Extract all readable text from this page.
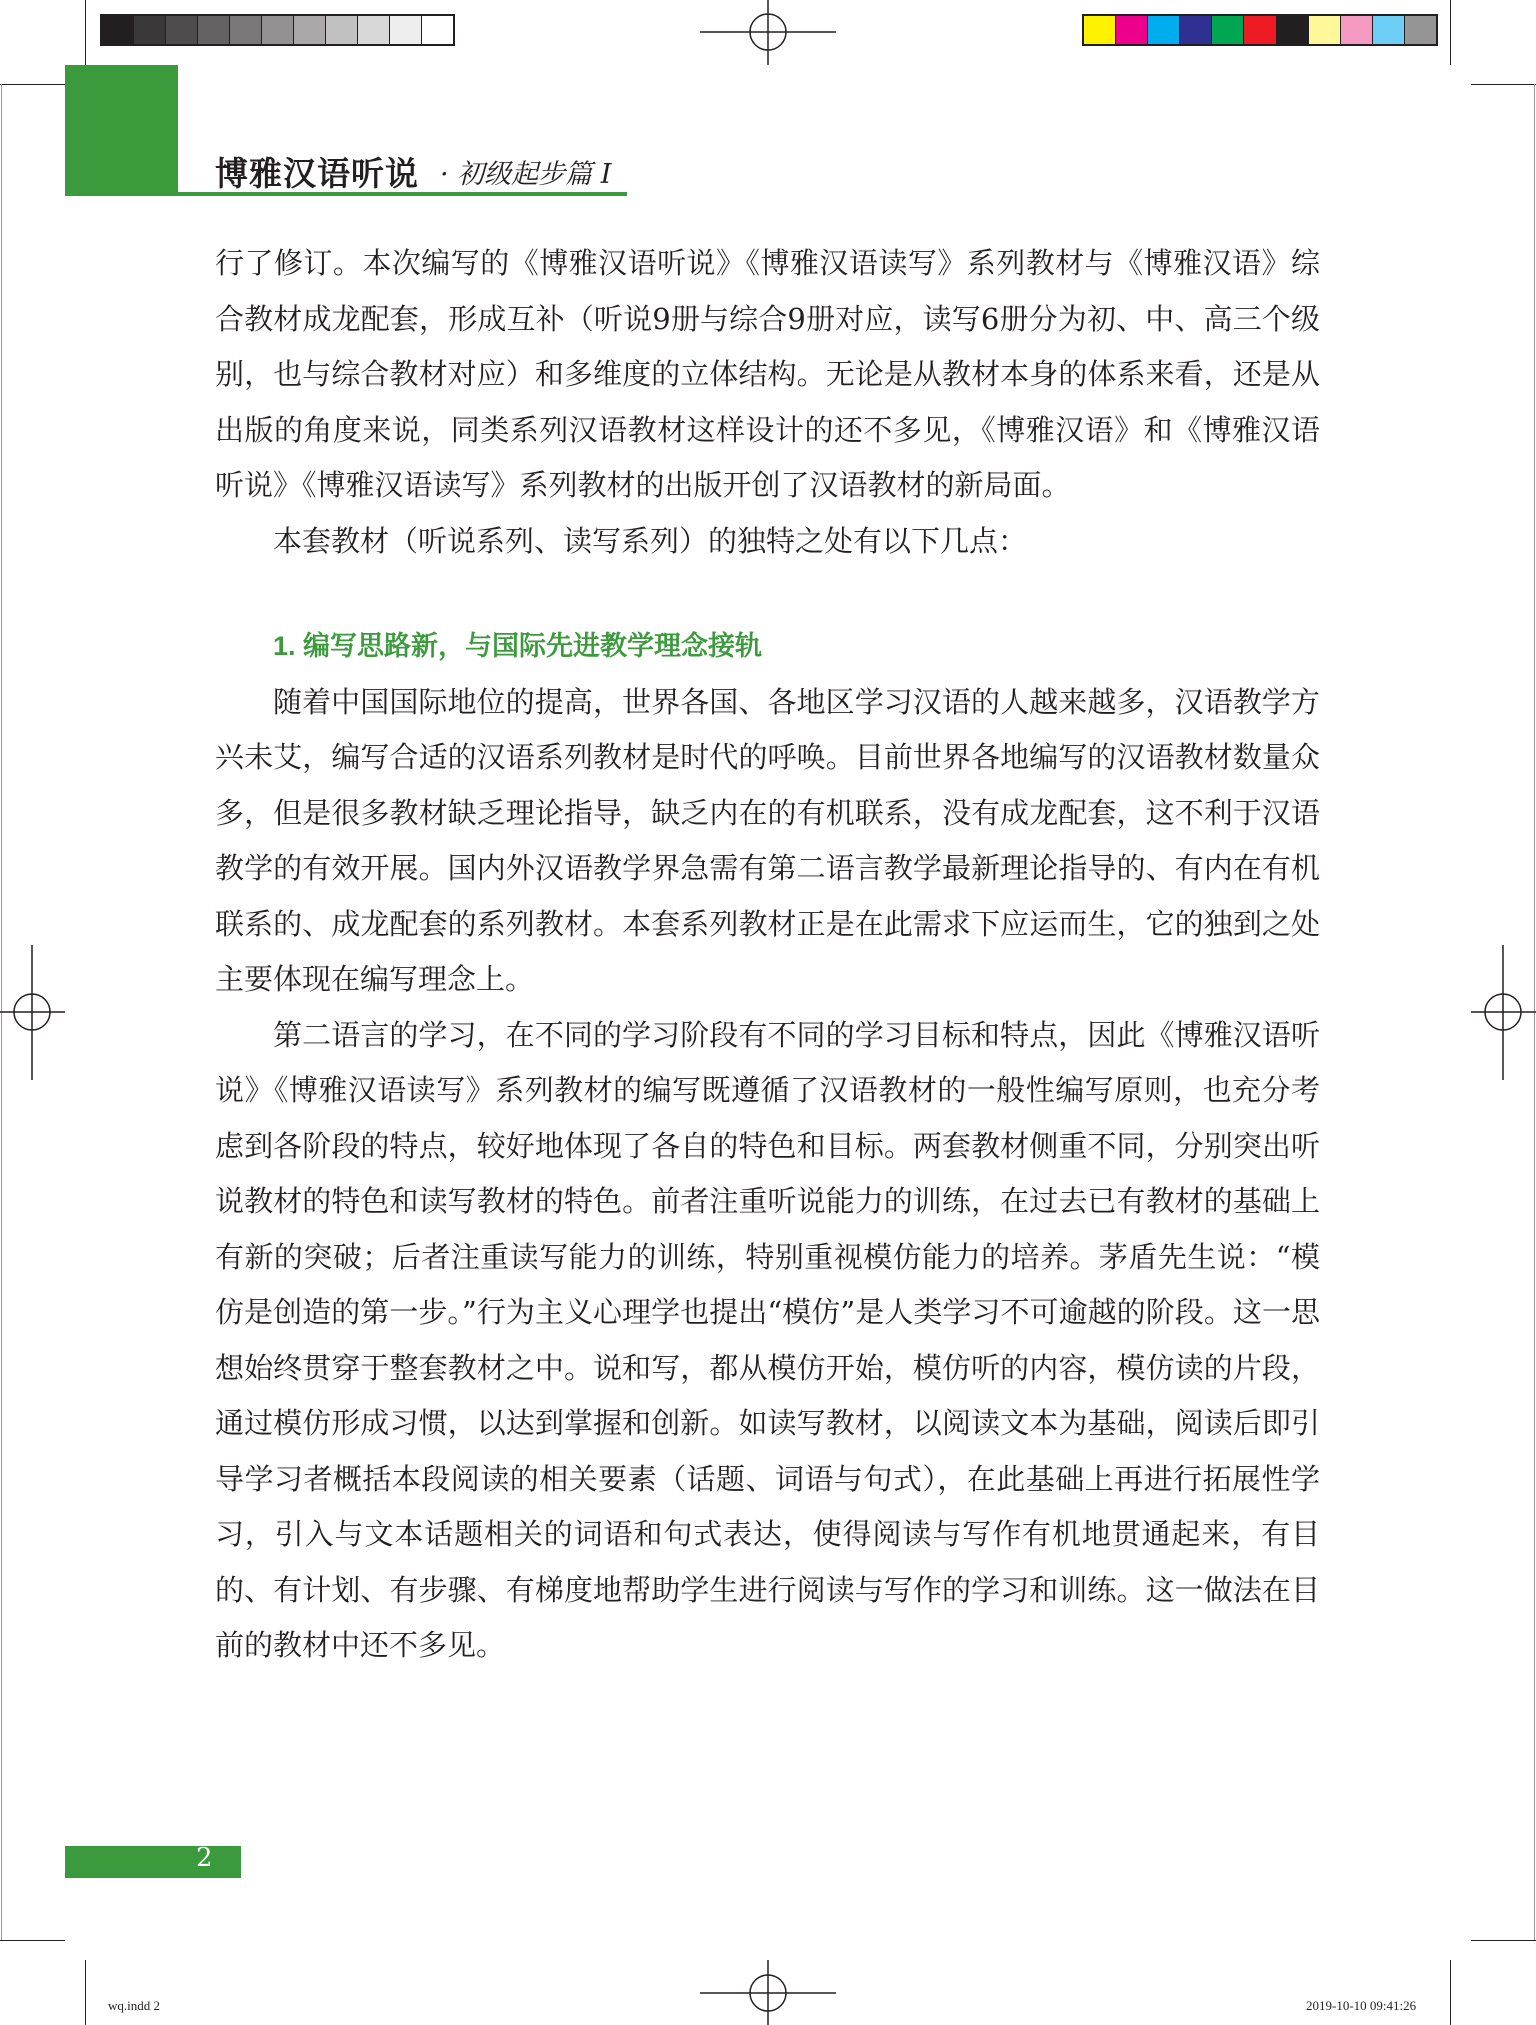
博雅汉语听说 · 初级起步篇 I

行了修订。本次编写的《博雅汉语听说》《博雅汉语读写》系列教材与《博雅汉语》综合教材成龙配套，形成互补（听说9册与综合9册对应，读写6册分为初、中、高三个级别，也与综合教材对应）和多维度的立体结构。无论是从教材本身的体系来看，还是从出版的角度来说，同类系列汉语教材这样设计的还不多见，《博雅汉语》和《博雅汉语听说》《博雅汉语读写》系列教材的出版开创了汉语教材的新局面。

本套教材（听说系列、读写系列）的独特之处有以下几点：

1. 编写思路新，与国际先进教学理念接轨

随着中国国际地位的提高，世界各国、各地区学习汉语的人越来越多，汉语教学方兴未艾，编写合适的汉语系列教材是时代的呼唤。目前世界各地编写的汉语教材数量众多，但是很多教材缺乏理论指导，缺乏内在的有机联系，没有成龙配套，这不利于汉语教学的有效开展。国内外汉语教学界急需有第二语言教学最新理论指导的、有内在有机联系的、成龙配套的系列教材。本套系列教材正是在此需求下应运而生，它的独到之处主要体现在编写理念上。

第二语言的学习，在不同的学习阶段有不同的学习目标和特点，因此《博雅汉语听说》《博雅汉语读写》系列教材的编写既遵循了汉语教材的一般性编写原则，也充分考虑到各阶段的特点，较好地体现了各自的特色和目标。两套教材侧重不同，分别突出听说教材的特色和读写教材的特色。前者注重听说能力的训练，在过去已有教材的基础上有新的突破；后者注重读写能力的训练，特别重视模仿能力的培养。茅盾先生说：“模仿是创造的第一步。”行为主义心理学也提出“模仿”是人类学习不可逾越的阶段。这一思想始终贯穿于整套教材之中。说和写，都从模仿开始，模仿听的内容，模仿读的片段，通过模仿形成习惯，以达到掌握和创新。如读写教材，以阅读文本为基础，阅读后即引导学习者概括本段阅读的相关要素（话题、词语与句式），在此基础上再进行拓展性学习，引入与文本话题相关的词语和句式表达，使得阅读与写作有机地贯通起来，有目的、有计划、有步骤、有梯度地帮助学生进行阅读与写作的学习和训练。这一做法在目前的教材中还不多见。

2
wq.indd 2	2019-10-10 09:41:26
